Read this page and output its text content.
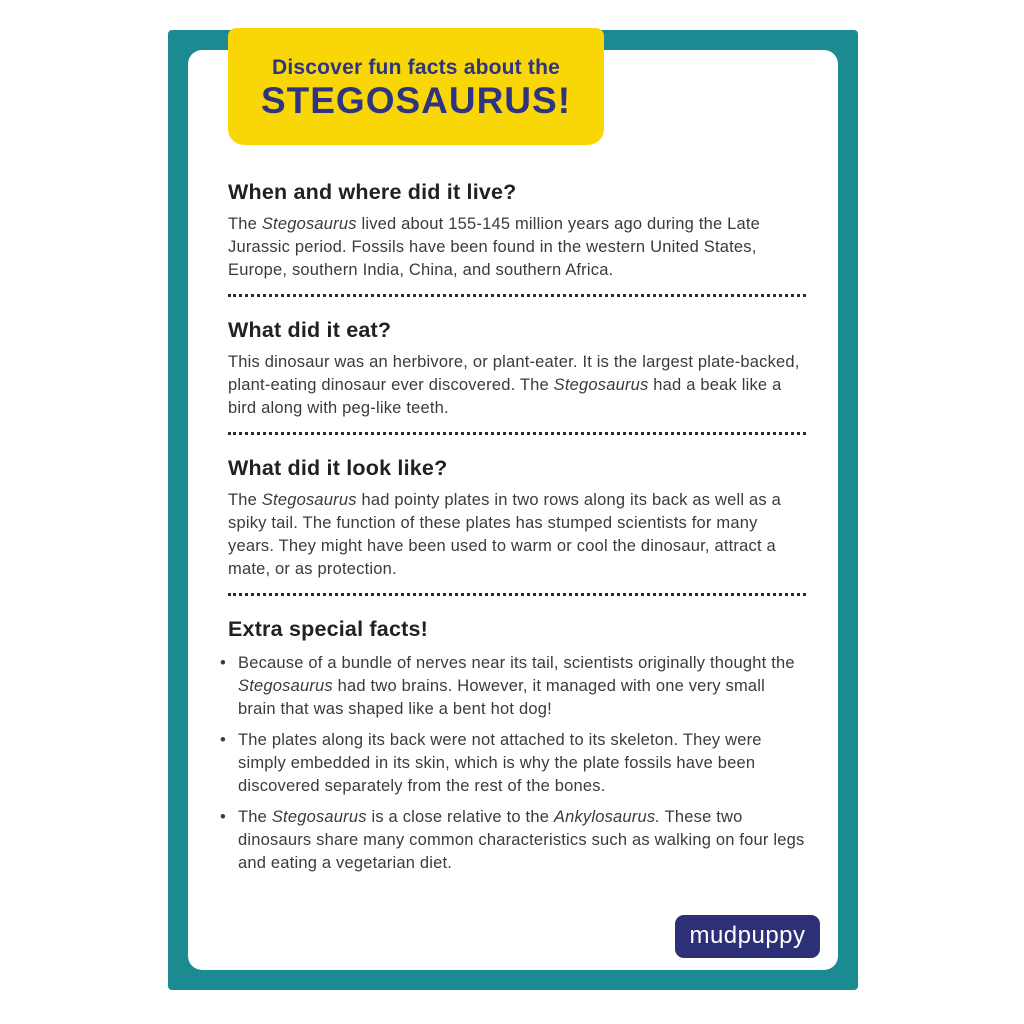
Discover fun facts about the
STEGOSAURUS!
When and where did it live?

The Stegosaurus lived about 155-145 million years ago during the Late Jurassic period. Fossils have been found in the western United States, Europe, southern India, China, and southern Africa.

What did it eat?

This dinosaur was an herbivore, or plant-eater. It is the largest plate-backed, plant-eating dinosaur ever discovered. The Stegosaurus had a beak like a bird along with peg-like teeth.

What did it look like?

The Stegosaurus had pointy plates in two rows along its back as well as a spiky tail. The function of these plates has stumped scientists for many years. They might have been used to warm or cool the dinosaur, attract a mate, or as protection.

Extra special facts!
• Because of a bundle of nerves near its tail, scientists originally thought the Stegosaurus had two brains. However, it managed with one very small brain that was shaped like a bent hot dog!
• The plates along its back were not attached to its skeleton. They were simply embedded in its skin, which is why the plate fossils have been discovered separately from the rest of the bones.
• The Stegosaurus is a close relative to the Ankylosaurus. These two dinosaurs share many common characteristics such as walking on four legs and eating a vegetarian diet.
mudpuppy
